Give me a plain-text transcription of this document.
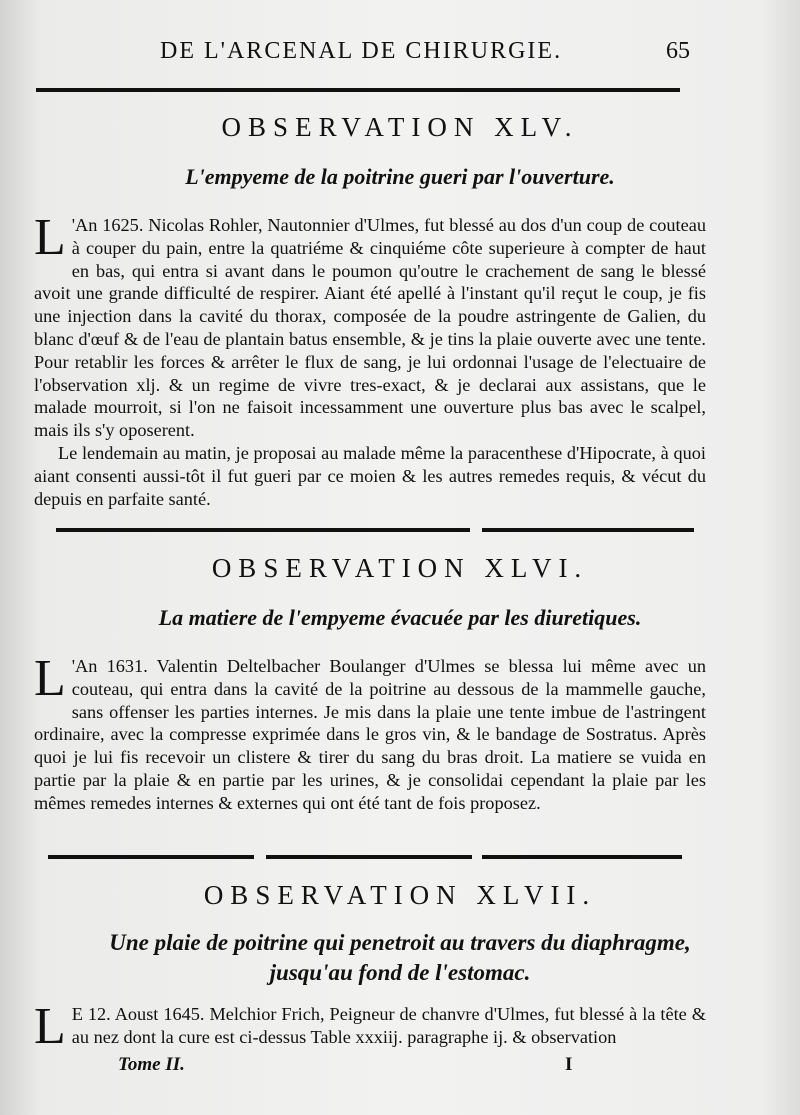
DE L'ARCENAL DE CHIRURGIE.	65
OBSERVATION XLV.
L'empyeme de la poitrine gueri par l'ouverture.

L 'An 1625. Nicolas Rohler, Nautonnier d'Ulmes, fut blessé au dos d'un coup de couteau à couper du pain, entre la quatriéme & cinquiéme côte superieure à compter de haut en bas, qui entra si avant dans le poumon qu'outre le crachement de sang le blessé avoit une grande difficulté de respirer. Aiant été apellé à l'instant qu'il reçut le coup, je fis une injection dans la cavité du thorax, composée de la poudre astringente de Galien, du blanc d'œuf & de l'eau de plantain batus ensemble, & je tins la plaie ouverte avec une tente. Pour retablir les forces & arrêter le flux de sang, je lui ordonnai l'usage de l'electuaire de l'observation xlj. & un regime de vivre tres-exact, & je declarai aux assistans, que le malade mourroit, si l'on ne faisoit incessamment une ouverture plus bas avec le scalpel, mais ils s'y oposerent.

Le lendemain au matin, je proposai au malade même la paracenthese d'Hipocrate, à quoi aiant consenti aussi-tôt il fut gueri par ce moien & les autres remedes requis, & vécut du depuis en parfaite santé.

OBSERVATION XLVI.
La matiere de l'empyeme évacuée par les diuretiques.

L 'An 1631. Valentin Deltelbacher Boulanger d'Ulmes se blessa lui même avec un couteau, qui entra dans la cavité de la poitrine au dessous de la mammelle gauche, sans offenser les parties internes. Je mis dans la plaie une tente imbue de l'astringent ordinaire, avec la compresse exprimée dans le gros vin, & le bandage de Sostratus. Après quoi je lui fis recevoir un clistere & tirer du sang du bras droit. La matiere se vuida en partie par la plaie & en partie par les urines, & je consolidai cependant la plaie par les mêmes remedes internes & externes qui ont été tant de fois proposez.

OBSERVATION XLVII.
Une plaie de poitrine qui penetroit au travers du diaphragme,
jusqu'au fond de l'estomac.

L E 12. Aoust 1645. Melchior Frich, Peigneur de chanvre d'Ulmes, fut blessé à la tête & au nez dont la cure est ci-dessus Table xxxiij. paragraphe ij. & observation

Tome II.	I
